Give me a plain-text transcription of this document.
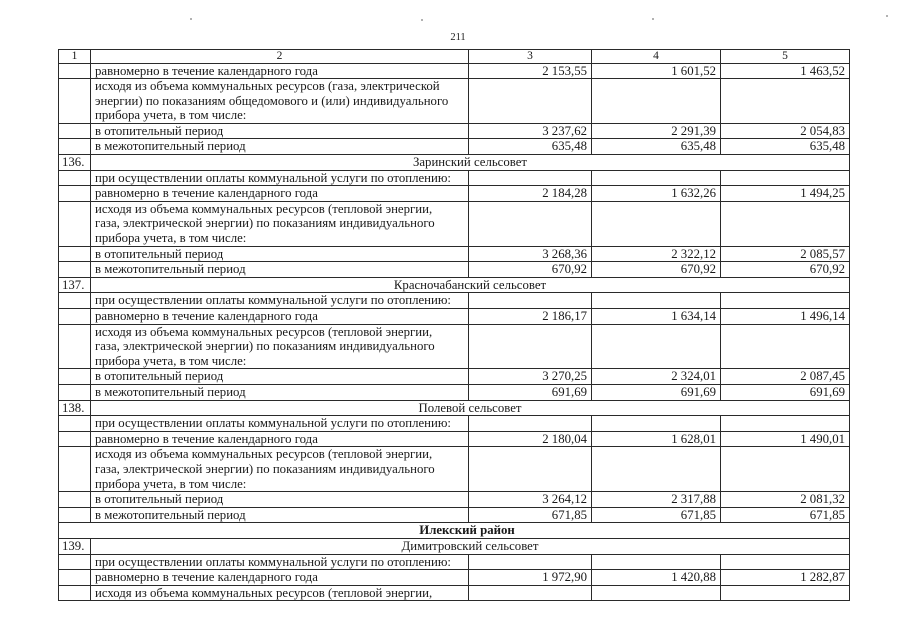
211
1	2	3	4	5
	равномерно в течение календарного года	2 153,55	1 601,52	1 463,52

	исходя из объема коммунальных ресурсов (газа, электрической
энергии) по показаниям общедомового и (или) индивидуального
прибора учета, в том числе:			

	в отопительный период	3 237,62	2 291,39	2 054,83
	в межотопительный период	635,48	635,48	635,48
136.	Заринский сельсовет			

	при осуществлении оплаты коммунальной услуги по отоплению:			

	равномерно в течение календарного года	2 184,28	1 632,26	1 494,25

	исходя из объема коммунальных ресурсов (тепловой энергии,
газа, электрической энергии) по показаниям индивидуального
прибора учета, в том числе:			

	в отопительный период	3 268,36	2 322,12	2 085,57
	в межотопительный период	670,92	670,92	670,92
137.	Красночабанский сельсовет			

	при осуществлении оплаты коммунальной услуги по отоплению:			

	равномерно в течение календарного года	2 186,17	1 634,14	1 496,14

	исходя из объема коммунальных ресурсов (тепловой энергии,
газа, электрической энергии) по показаниям индивидуального
прибора учета, в том числе:			

	в отопительный период	3 270,25	2 324,01	2 087,45
	в межотопительный период	691,69	691,69	691,69
138.	Полевой сельсовет			

	при осуществлении оплаты коммунальной услуги по отоплению:			

	равномерно в течение календарного года	2 180,04	1 628,01	1 490,01

	исходя из объема коммунальных ресурсов (тепловой энергии,
газа, электрической энергии) по показаниям индивидуального
прибора учета, в том числе:			

	в отопительный период	3 264,12	2 317,88	2 081,32
	в межотопительный период	671,85	671,85	671,85
Илекский район				
139.	Димитровский сельсовет			

	при осуществлении оплаты коммунальной услуги по отоплению:			

	равномерно в течение календарного года	1 972,90	1 420,88	1 282,87

	исходя из объема коммунальных ресурсов (тепловой энергии,			
